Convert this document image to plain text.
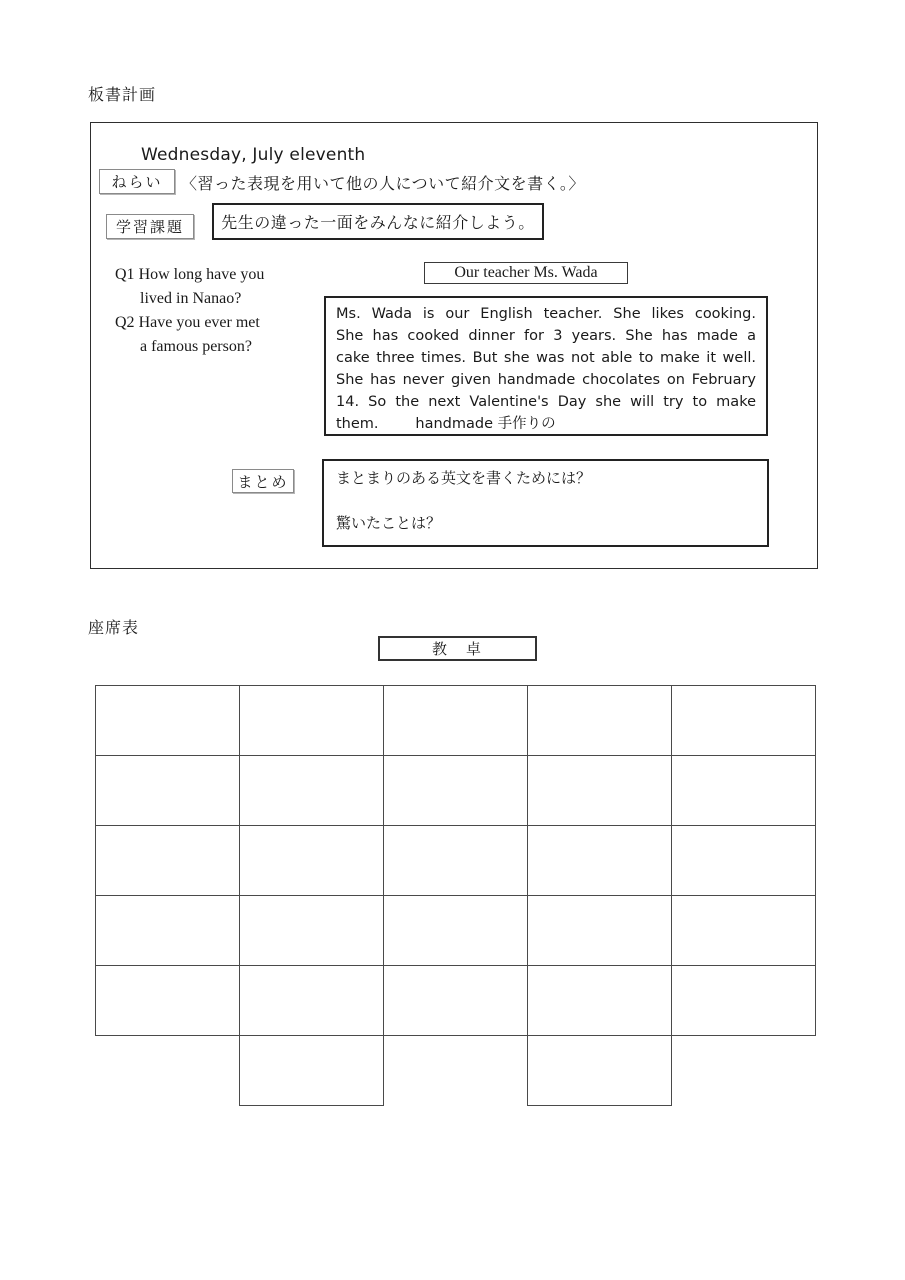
板書計画
Wednesday, July eleventh
ねらい	〈習った表現を用いて他の人について紹介文を書く。〉
学習課題	先生の違った一面をみんなに紹介しよう。
Q1 How long have you
lived in Nanao?
Q2 Have you ever met
a famous person?
Our teacher Ms. Wada
Ms. Wada is our English teacher. She likes cooking.
She has cooked dinner for 3 years. She has made a
cake three times. But she was not able to make it well.
She has never given handmade chocolates on February
14. So the next Valentine's Day she will try to make
them.        handmade 手作りの
まとめ	まとまりのある英文を書くためには？
驚いたことは？
座席表
教　卓
